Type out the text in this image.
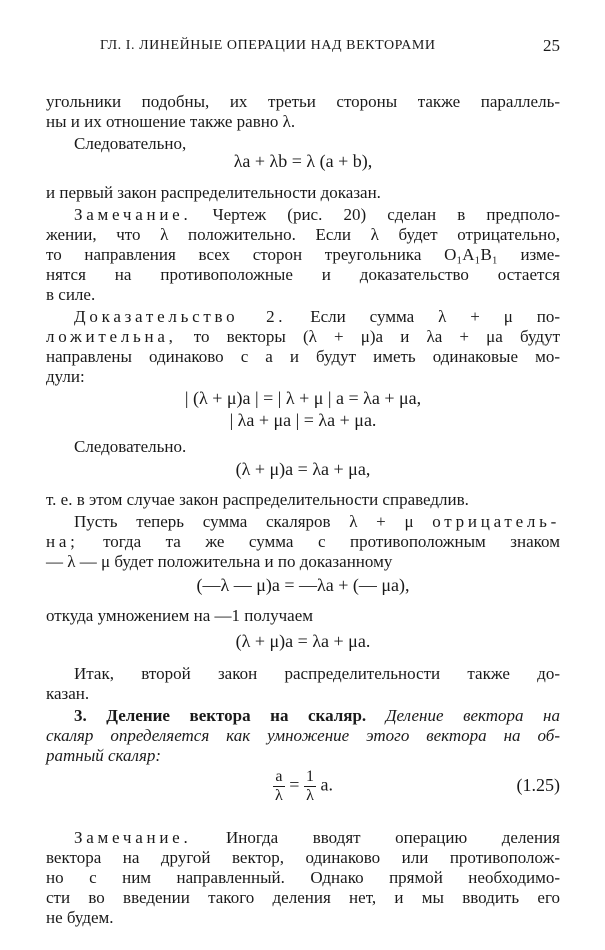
ГЛ. I. ЛИНЕЙНЫЕ ОПЕРАЦИИ НАД ВЕКТОРАМИ	25
угольники подобны, их третьи стороны также параллель-
ны и их отношение также равно λ.
Следовательно,
λa + λb = λ (a + b),
и первый закон распределительности доказан.
Замечание. Чертеж (рис. 20) сделан в предполо-
жении, что λ положительно. Если λ будет отрицательно,
то направления всех сторон треугольника O₁A₁B₁ изме-
нятся на противоположные и доказательство остается
в силе.
Доказательство 2. Если сумма λ + μ по-
ложительна, то векторы (λ + μ)a и λa + μa будут
направлены одинаково с a и будут иметь одинаковые мо-
дули:
| (λ + μ)a | = | λ + μ | a = λa + μa,
| λa + μa | = λa + μa.
Следовательно.
(λ + μ)a = λa + μa,
т. е. в этом случае закон распределительности справедлив.
Пусть теперь сумма скаляров λ + μ отрицатель-
на; тогда та же сумма с противоположным знаком
— λ — μ будет положительна и по доказанному
(—λ — μ)a = —λa + (— μa),
откуда умножением на —1 получаем
(λ + μ)a = λa + μa.
Итак, второй закон распределительности также до-
казан.
3. Деление вектора на скаляр. Деление вектора на
скаляр определяется как умножение этого вектора на об-
ратный скаляр:
$\frac{a}{\lambda} = \frac{1}{\lambda} a$.	(1.25)
Замечание. Иногда вводят операцию деления
вектора на другой вектор, одинаково или противополож-
но с ним направленный. Однако прямой необходимо-
сти во введении такого деления нет, и мы вводить его
не будем.
